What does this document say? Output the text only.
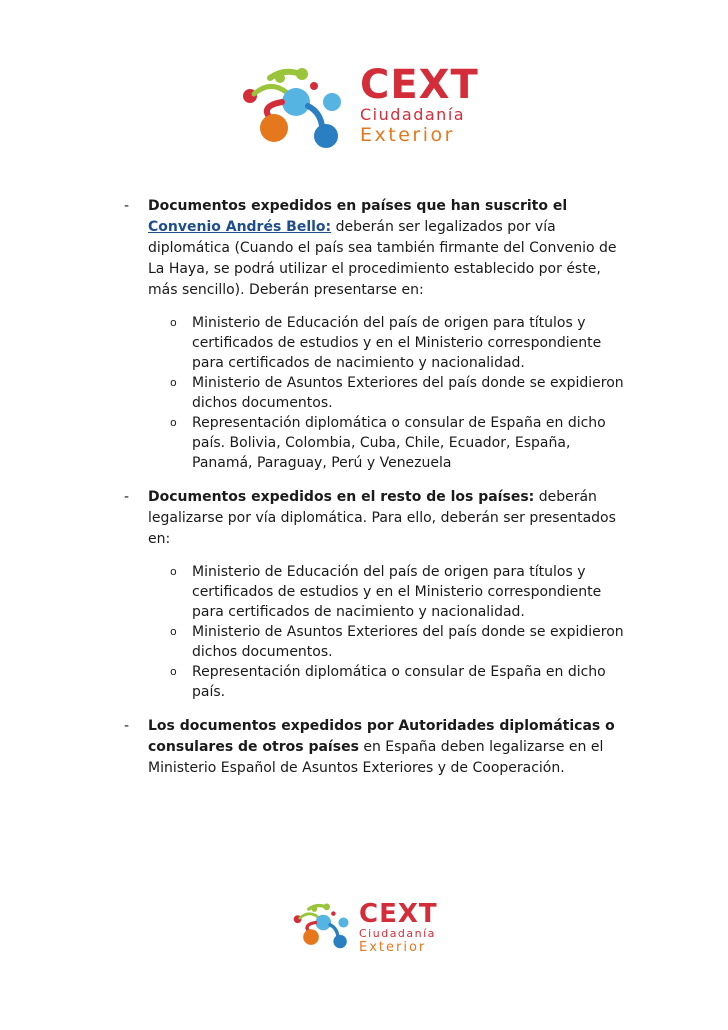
CEXT
Ciudadanía
Exterior
- Documentos expedidos en países que han suscrito el Convenio Andrés Bello: deberán ser legalizados por vía diplomática (Cuando el país sea también firmante del Convenio de La Haya, se podrá utilizar el procedimiento establecido por éste, más sencillo). Deberán presentarse en:
o Ministerio de Educación del país de origen para títulos y certificados de estudios y en el Ministerio correspondiente para certificados de nacimiento y nacionalidad.
o Ministerio de Asuntos Exteriores del país donde se expidieron dichos documentos.
o Representación diplomática o consular de España en dicho país. Bolivia, Colombia, Cuba, Chile, Ecuador, España, Panamá, Paraguay, Perú y Venezuela
- Documentos expedidos en el resto de los países: deberán legalizarse por vía diplomática. Para ello, deberán ser presentados en:
o Ministerio de Educación del país de origen para títulos y certificados de estudios y en el Ministerio correspondiente para certificados de nacimiento y nacionalidad.
o Ministerio de Asuntos Exteriores del país donde se expidieron dichos documentos.
o Representación diplomática o consular de España en dicho país.
- Los documentos expedidos por Autoridades diplomáticas o consulares de otros países en España deben legalizarse en el Ministerio Español de Asuntos Exteriores y de Cooperación.
CEXT
Ciudadanía
Exterior
